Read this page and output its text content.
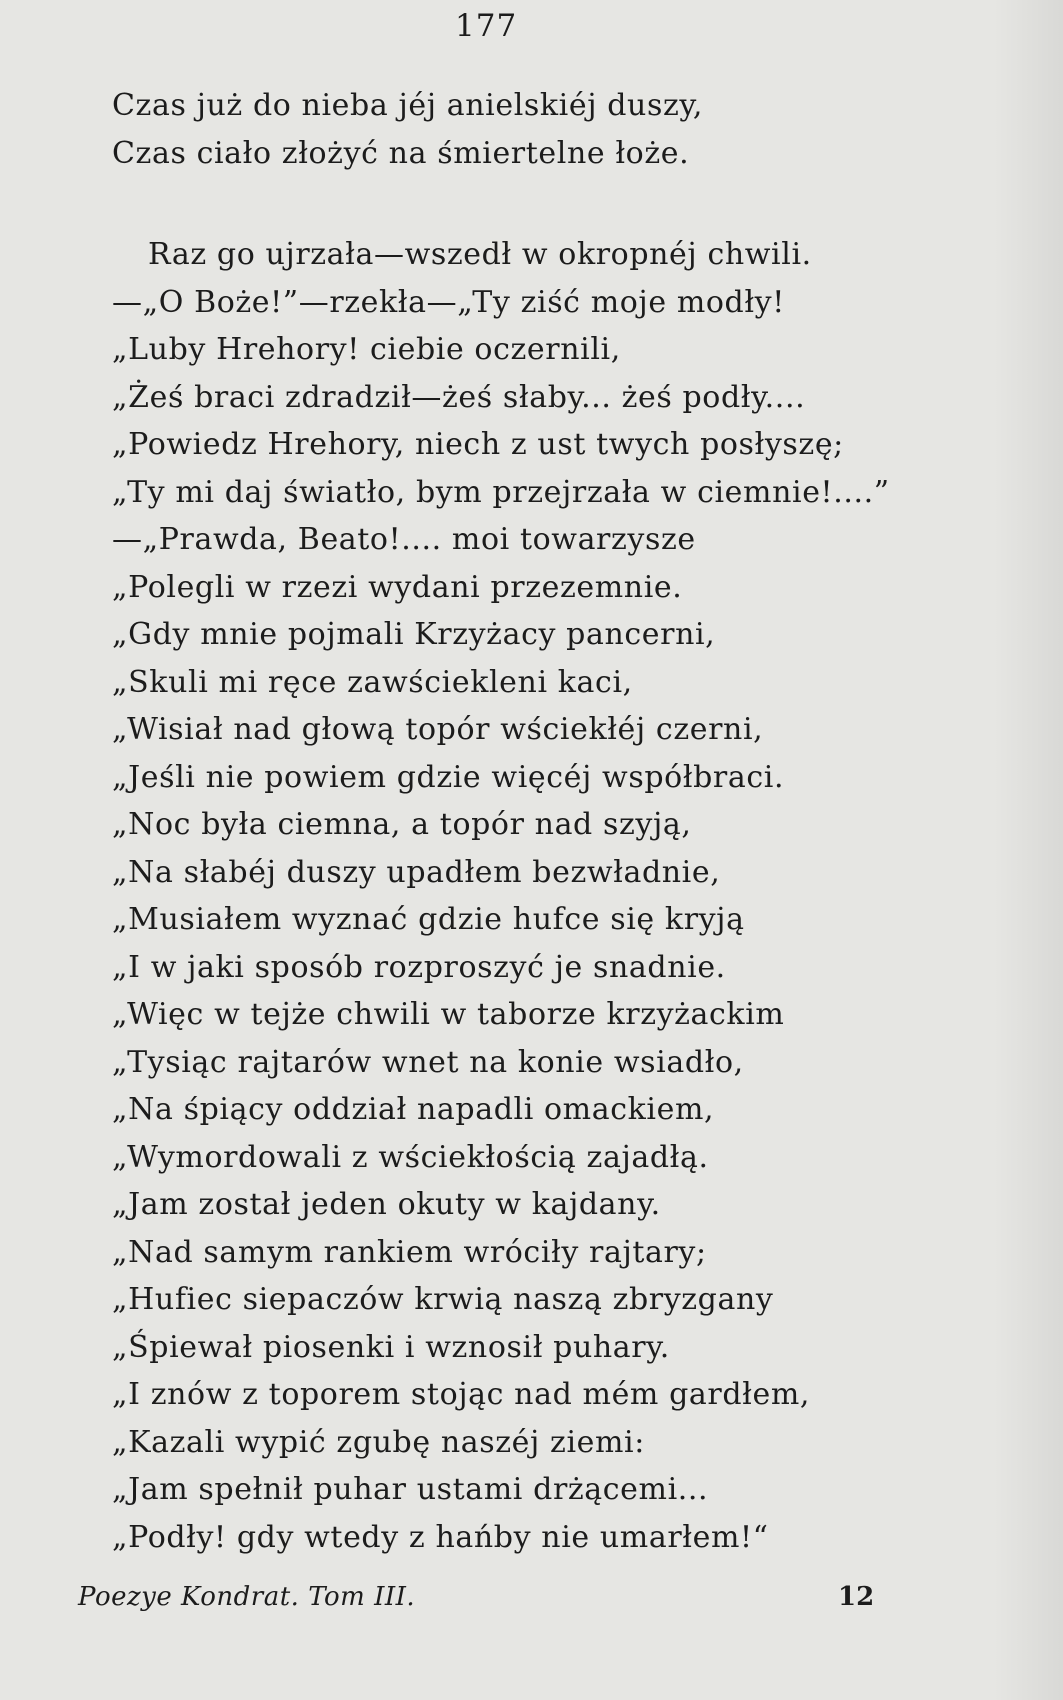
177
Czas już do nieba jéj anielskiéj duszy,
Czas ciało złożyć na śmiertelne łoże.
Raz go ujrzała—wszedł w okropnéj chwili.
—„O Boże!”—rzekła—„Ty ziść moje modły!
„Luby Hrehory! ciebie oczernili,
„Żeś braci zdradził—żeś słaby... żeś podły....
„Powiedz Hrehory, niech z ust twych posłyszę;
„Ty mi daj światło, bym przejrzała w ciemnie!....”
—„Prawda, Beato!.... moi towarzysze
„Polegli w rzezi wydani przezemnie.
„Gdy mnie pojmali Krzyżacy pancerni,
„Skuli mi ręce zawściekleni kaci,
„Wisiał nad głową topór wściekłéj czerni,
„Jeśli nie powiem gdzie więcéj współbraci.
„Noc była ciemna, a topór nad szyją,
„Na słabéj duszy upadłem bezwładnie,
„Musiałem wyznać gdzie hufce się kryją
„I w jaki sposób rozproszyć je snadnie.
„Więc w tejże chwili w taborze krzyżackim
„Tysiąc rajtarów wnet na konie wsiadło,
„Na śpiący oddział napadli omackiem,
„Wymordowali z wściekłością zajadłą.
„Jam został jeden okuty w kajdany.
„Nad samym rankiem wróciły rajtary;
„Hufiec siepaczów krwią naszą zbryzgany
„Śpiewał piosenki i wznosił puhary.
„I znów z toporem stojąc nad mém gardłem,
„Kazali wypić zgubę naszéj ziemi:
„Jam spełnił puhar ustami drżącemi...
„Podły! gdy wtedy z hańby nie umarłem!“
Poezye Kondrat. Tom III.	12
